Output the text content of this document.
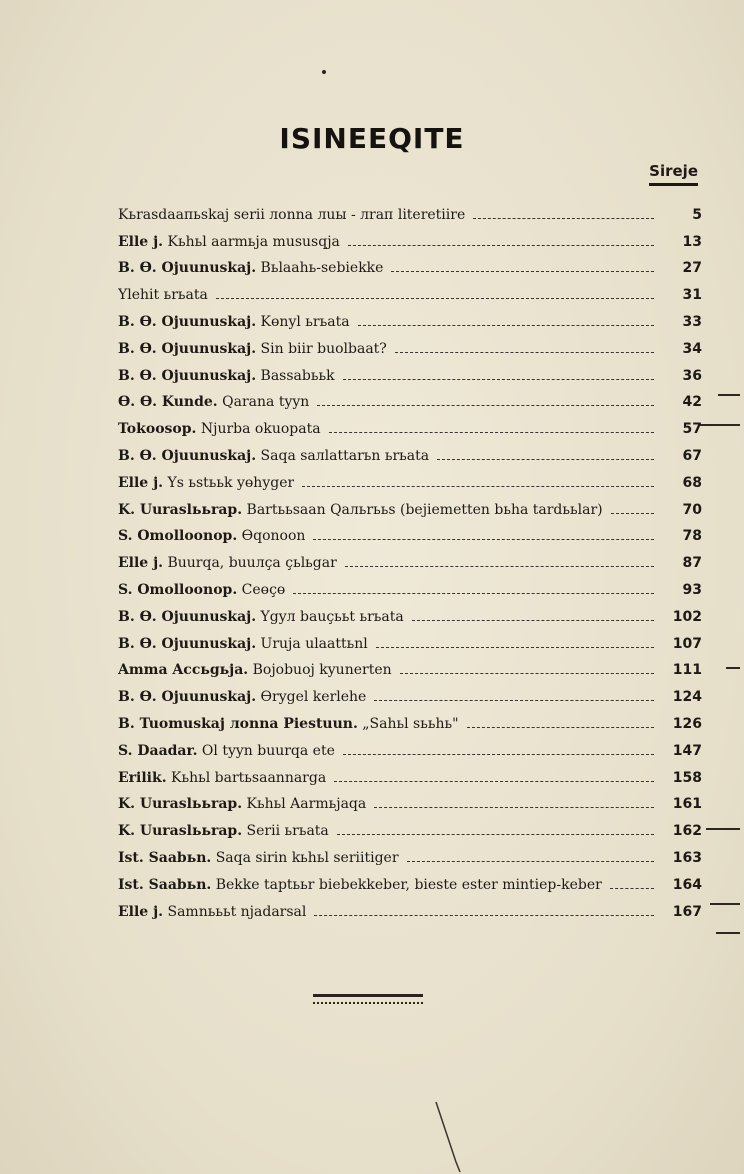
ISINEEQITE
Sireje
Kьrasdaaпьskaj serii лonna лuы - лraп literetiire	5
Elle j. Kьhьl aarmьja mususqja	13
B. Ө. Ojuunuskaj. Вьlaahь-sebiekke	27
Ylehit ьrьata	31
B. Ө. Ojuunuskaj. Kөnyl ьrьata	33
B. Ө. Ojuunuskaj. Sin biir buolbaat?	34
B. Ө. Ojuunuskaj. Bassabььk	36
Ө. Ө. Kunde. Qarana tyyn	42
Tokoosop. Njurba okuopata	57
B. Ө. Ojuunuskaj. Saqa saлlattarьn ьrьata	67
Elle j. Ys ьstььk yөhyger	68
K. Uuraslььrap. Bartььsaan Qaльrььs (bejiemetten bьha tardььlar)	70
S. Omolloonop. Өqonoon	78
Elle j. Buurqa, buuлça çьlьgar	87
S. Omolloonop. Ceөçө	93
B. Ө. Ojuunuskaj. Ygyл bauçььt ьrьata	102
B. Ө. Ojuunuskaj. Uruja ulaattьnl	107
Amma Accьgьja. Bojobuoj kyunerten	111
B. Ө. Ojuunuskaj. Өrygel kerlehe	124
B. Tuomuskaj лonna Piestuun. „Sahьl sььhь"	126
S. Daadar. Ol tyyn buurqa ete	147
Erilik. Kьhьl bartьsaannarga	158
K. Uuraslььrap. Kьhьl Aarmьjaqa	161
K. Uuraslььrap. Serii ьrьata	162
Ist. Saabьn. Saqa sirin kьhьl seriitiger	163
Ist. Saabьn. Bekke taptььr biebekkeber, bieste ester mintiep-keber	164
Elle j. Samnьььt njadarsal	167
